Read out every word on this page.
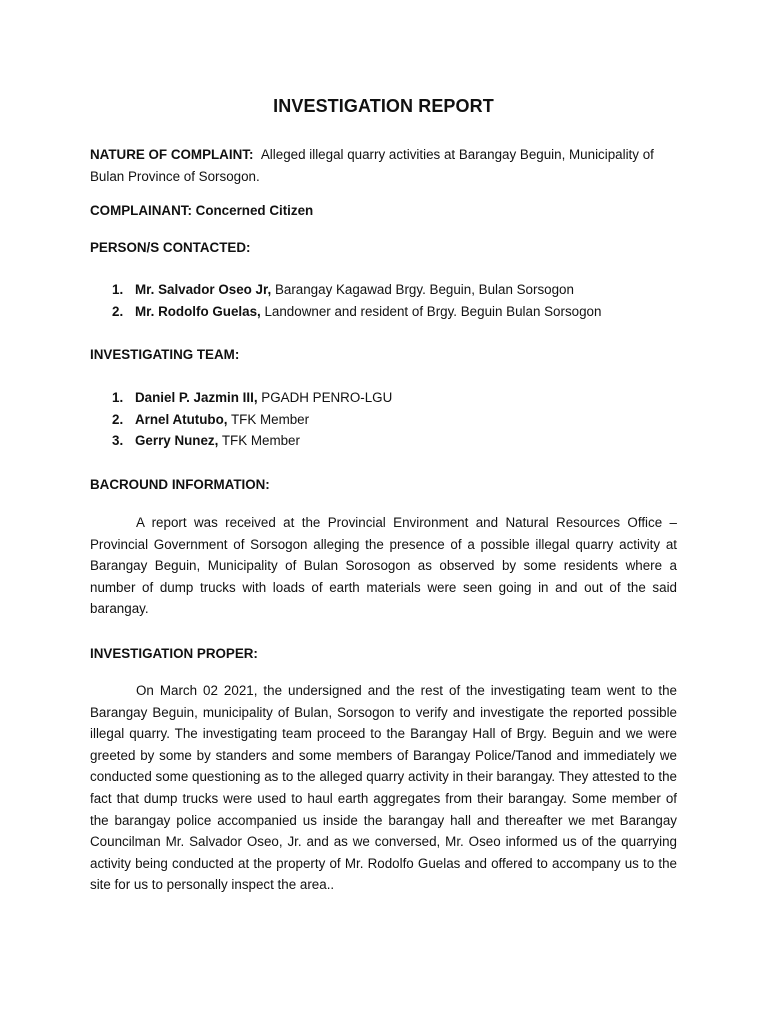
INVESTIGATION REPORT
NATURE OF COMPLAINT: Alleged illegal quarry activities at Barangay Beguin, Municipality of Bulan Province of Sorsogon.
COMPLAINANT: Concerned Citizen
PERSON/S CONTACTED:
1. Mr. Salvador Oseo Jr, Barangay Kagawad Brgy. Beguin, Bulan Sorsogon
2. Mr. Rodolfo Guelas, Landowner and resident of Brgy. Beguin Bulan Sorsogon
INVESTIGATING TEAM:
1. Daniel P. Jazmin III, PGADH PENRO-LGU
2. Arnel Atutubo, TFK Member
3. Gerry Nunez, TFK Member
BACROUND INFORMATION:

A report was received at the Provincial Environment and Natural Resources Office – Provincial Government of Sorsogon alleging the presence of a possible illegal quarry activity at Barangay Beguin, Municipality of Bulan Sorosogon as observed by some residents where a number of dump trucks with loads of earth materials were seen going in and out of the said barangay.

INVESTIGATION PROPER:

On March 02 2021, the undersigned and the rest of the investigating team went to the Barangay Beguin, municipality of Bulan, Sorsogon to verify and investigate the reported possible illegal quarry. The investigating team proceed to the Barangay Hall of Brgy. Beguin and we were greeted by some by standers and some members of Barangay Police/Tanod and immediately we conducted some questioning as to the alleged quarry activity in their barangay. They attested to the fact that dump trucks were used to haul earth aggregates from their barangay. Some member of the barangay police accompanied us inside the barangay hall and thereafter we met Barangay Councilman Mr. Salvador Oseo, Jr. and as we conversed, Mr. Oseo informed us of the quarrying activity being conducted at the property of Mr. Rodolfo Guelas and offered to accompany us to the site for us to personally inspect the area..
